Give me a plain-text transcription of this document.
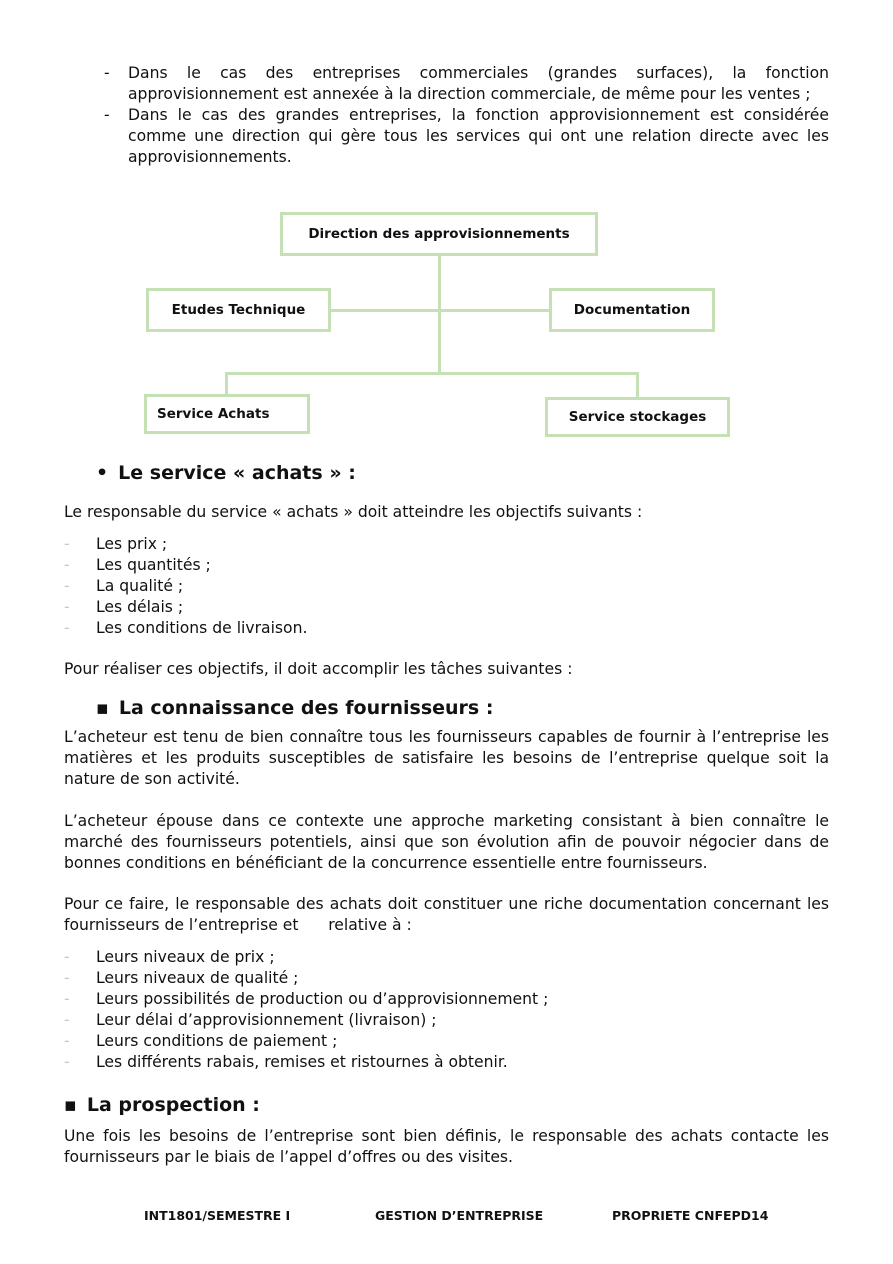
- Dans le cas des entreprises commerciales (grandes surfaces), la fonction approvisionnement est annexée à la direction commerciale, de même pour les ventes ;
- Dans le cas des grandes entreprises, la fonction approvisionnement est considérée comme une direction qui gère tous les services qui ont une relation directe avec les approvisionnements.
Direction des approvisionnements
Etudes Technique	Documentation
Service Achats	Service stockages
• Le service « achats » :

Le responsable du service « achats » doit atteindre les objectifs suivants :

- Les prix ;
- Les quantités ;
- La qualité ;
- Les délais ;
- Les conditions de livraison.

Pour réaliser ces objectifs, il doit accomplir les tâches suivantes :

▪ La connaissance des fournisseurs :

L’acheteur est tenu de bien connaître tous les fournisseurs capables de fournir à l’entreprise les matières et les produits susceptibles de satisfaire les besoins de l’entreprise quelque soit la nature de son activité.

L’acheteur épouse dans ce contexte une approche marketing consistant à bien connaître le marché des fournisseurs potentiels, ainsi que son évolution afin de pouvoir négocier dans de bonnes conditions en bénéficiant de la concurrence essentielle entre fournisseurs.

Pour ce faire, le responsable des achats doit constituer une riche documentation concernant les fournisseurs de l’entreprise et      relative à :

- Leurs niveaux de prix ;
- Leurs niveaux de qualité ;
- Leurs possibilités de production ou d’approvisionnement ;
- Leur délai d’approvisionnement (livraison) ;
- Leurs conditions de paiement ;
- Les différents rabais, remises et ristournes à obtenir.
▪ La prospection :

Une fois les besoins de l’entreprise sont bien définis, le responsable des achats contacte les fournisseurs par le biais de l’appel d’offres ou des visites.

INT1801/SEMESTRE I	GESTION D’ENTREPRISE	PROPRIETE CNFEPD 14
